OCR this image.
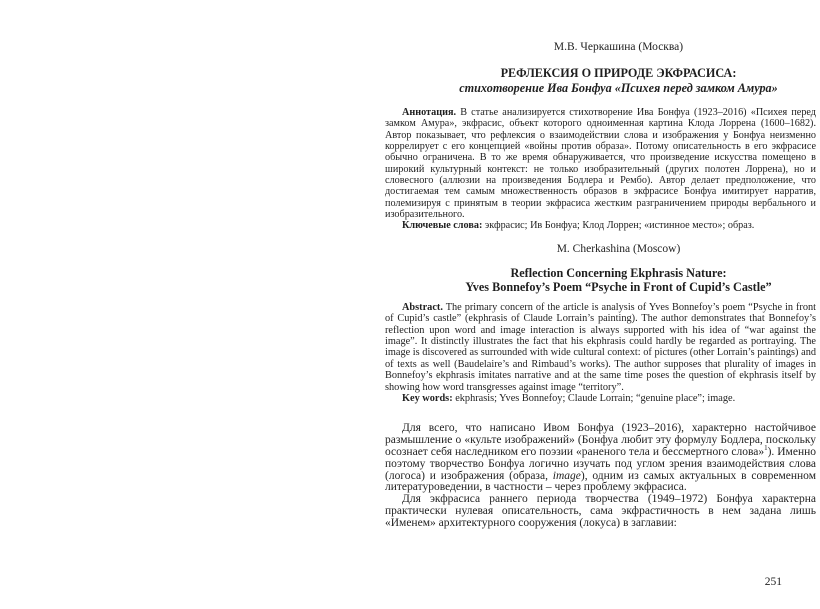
М.В. Черкашина (Москва)
РЕФЛЕКСИЯ О ПРИРОДЕ ЭКФРАСИСА:
стихотворение Ива Бонфуа «Психея перед замком Амура»

Аннотация. В статье анализируется стихотворение Ива Бонфуа (1923–2016) «Психея перед замком Амура», экфрасис, объект которого одноименная картина Клода Лоррена (1600–1682). Автор показывает, что рефлексия о взаимодействии слова и изображения у Бонфуа неизменно коррелирует с его концепцией «войны против образа». Потому описательность в его экфрасисе обычно ограничена. В то же время обнаруживается, что произведение искусства помещено в широкий культурный контекст: не только изобразительный (других полотен Лоррена), но и словесного (аллюзии на произведения Бодлера и Рембо). Автор делает предположение, что достигаемая тем самым множественность образов в экфрасисе Бонфуа имитирует нарратив, полемизируя с принятым в теории экфрасиса жестким разграничением природы вербального и изобразительного.

Ключевые слова: экфрасис; Ив Бонфуа; Клод Лоррен; «истинное место»; образ.

M. Cherkashina (Moscow)
Reflection Concerning Ekphrasis Nature:
Yves Bonnefoy’s Poem “Psyche in Front of Cupid’s Castle”

Abstract. The primary concern of the article is analysis of Yves Bonnefoy’s poem “Psyche in front of Cupid’s castle” (ekphrasis of Claude Lorrain’s painting). The author demonstrates that Bonnefoy’s reflection upon word and image interaction is always supported with his idea of “war against the image”. It distinctly illustrates the fact that his ekphrasis could hardly be regarded as portraying. The image is discovered as surrounded with wide cultural context: of pictures (other Lorrain’s paintings) and of texts as well (Baudelaire’s and Rimbaud’s works). The author supposes that plurality of images in Bonnefoy’s ekphrasis imitates narrative and at the same time poses the question of ekphrasis itself by showing how word transgresses against image “territory”.

Key words: ekphrasis; Yves Bonnefoy; Claude Lorrain; “genuine place”; image.

Для всего, что написано Ивом Бонфуа (1923–2016), характерно настойчивое размышление о «культе изображений» (Бонфуа любит эту формулу Бодлера, поскольку осознает себя наследником его поэзии «раненого тела и бессмертного слова»$^1$). Именно поэтому творчество Бонфуа логично изучать под углом зрения взаимодействия слова (логоса) и изображения (образа, image), одним из самых актуальных в современном литературоведении, в частности – через проблему экфрасиса.

Для экфрасиса раннего периода творчества (1949–1972) Бонфуа характерна практически нулевая описательность, сама экфрастичность в нем задана лишь «Именем» архитектурного сооружения (локуса) в заглавии:

251
